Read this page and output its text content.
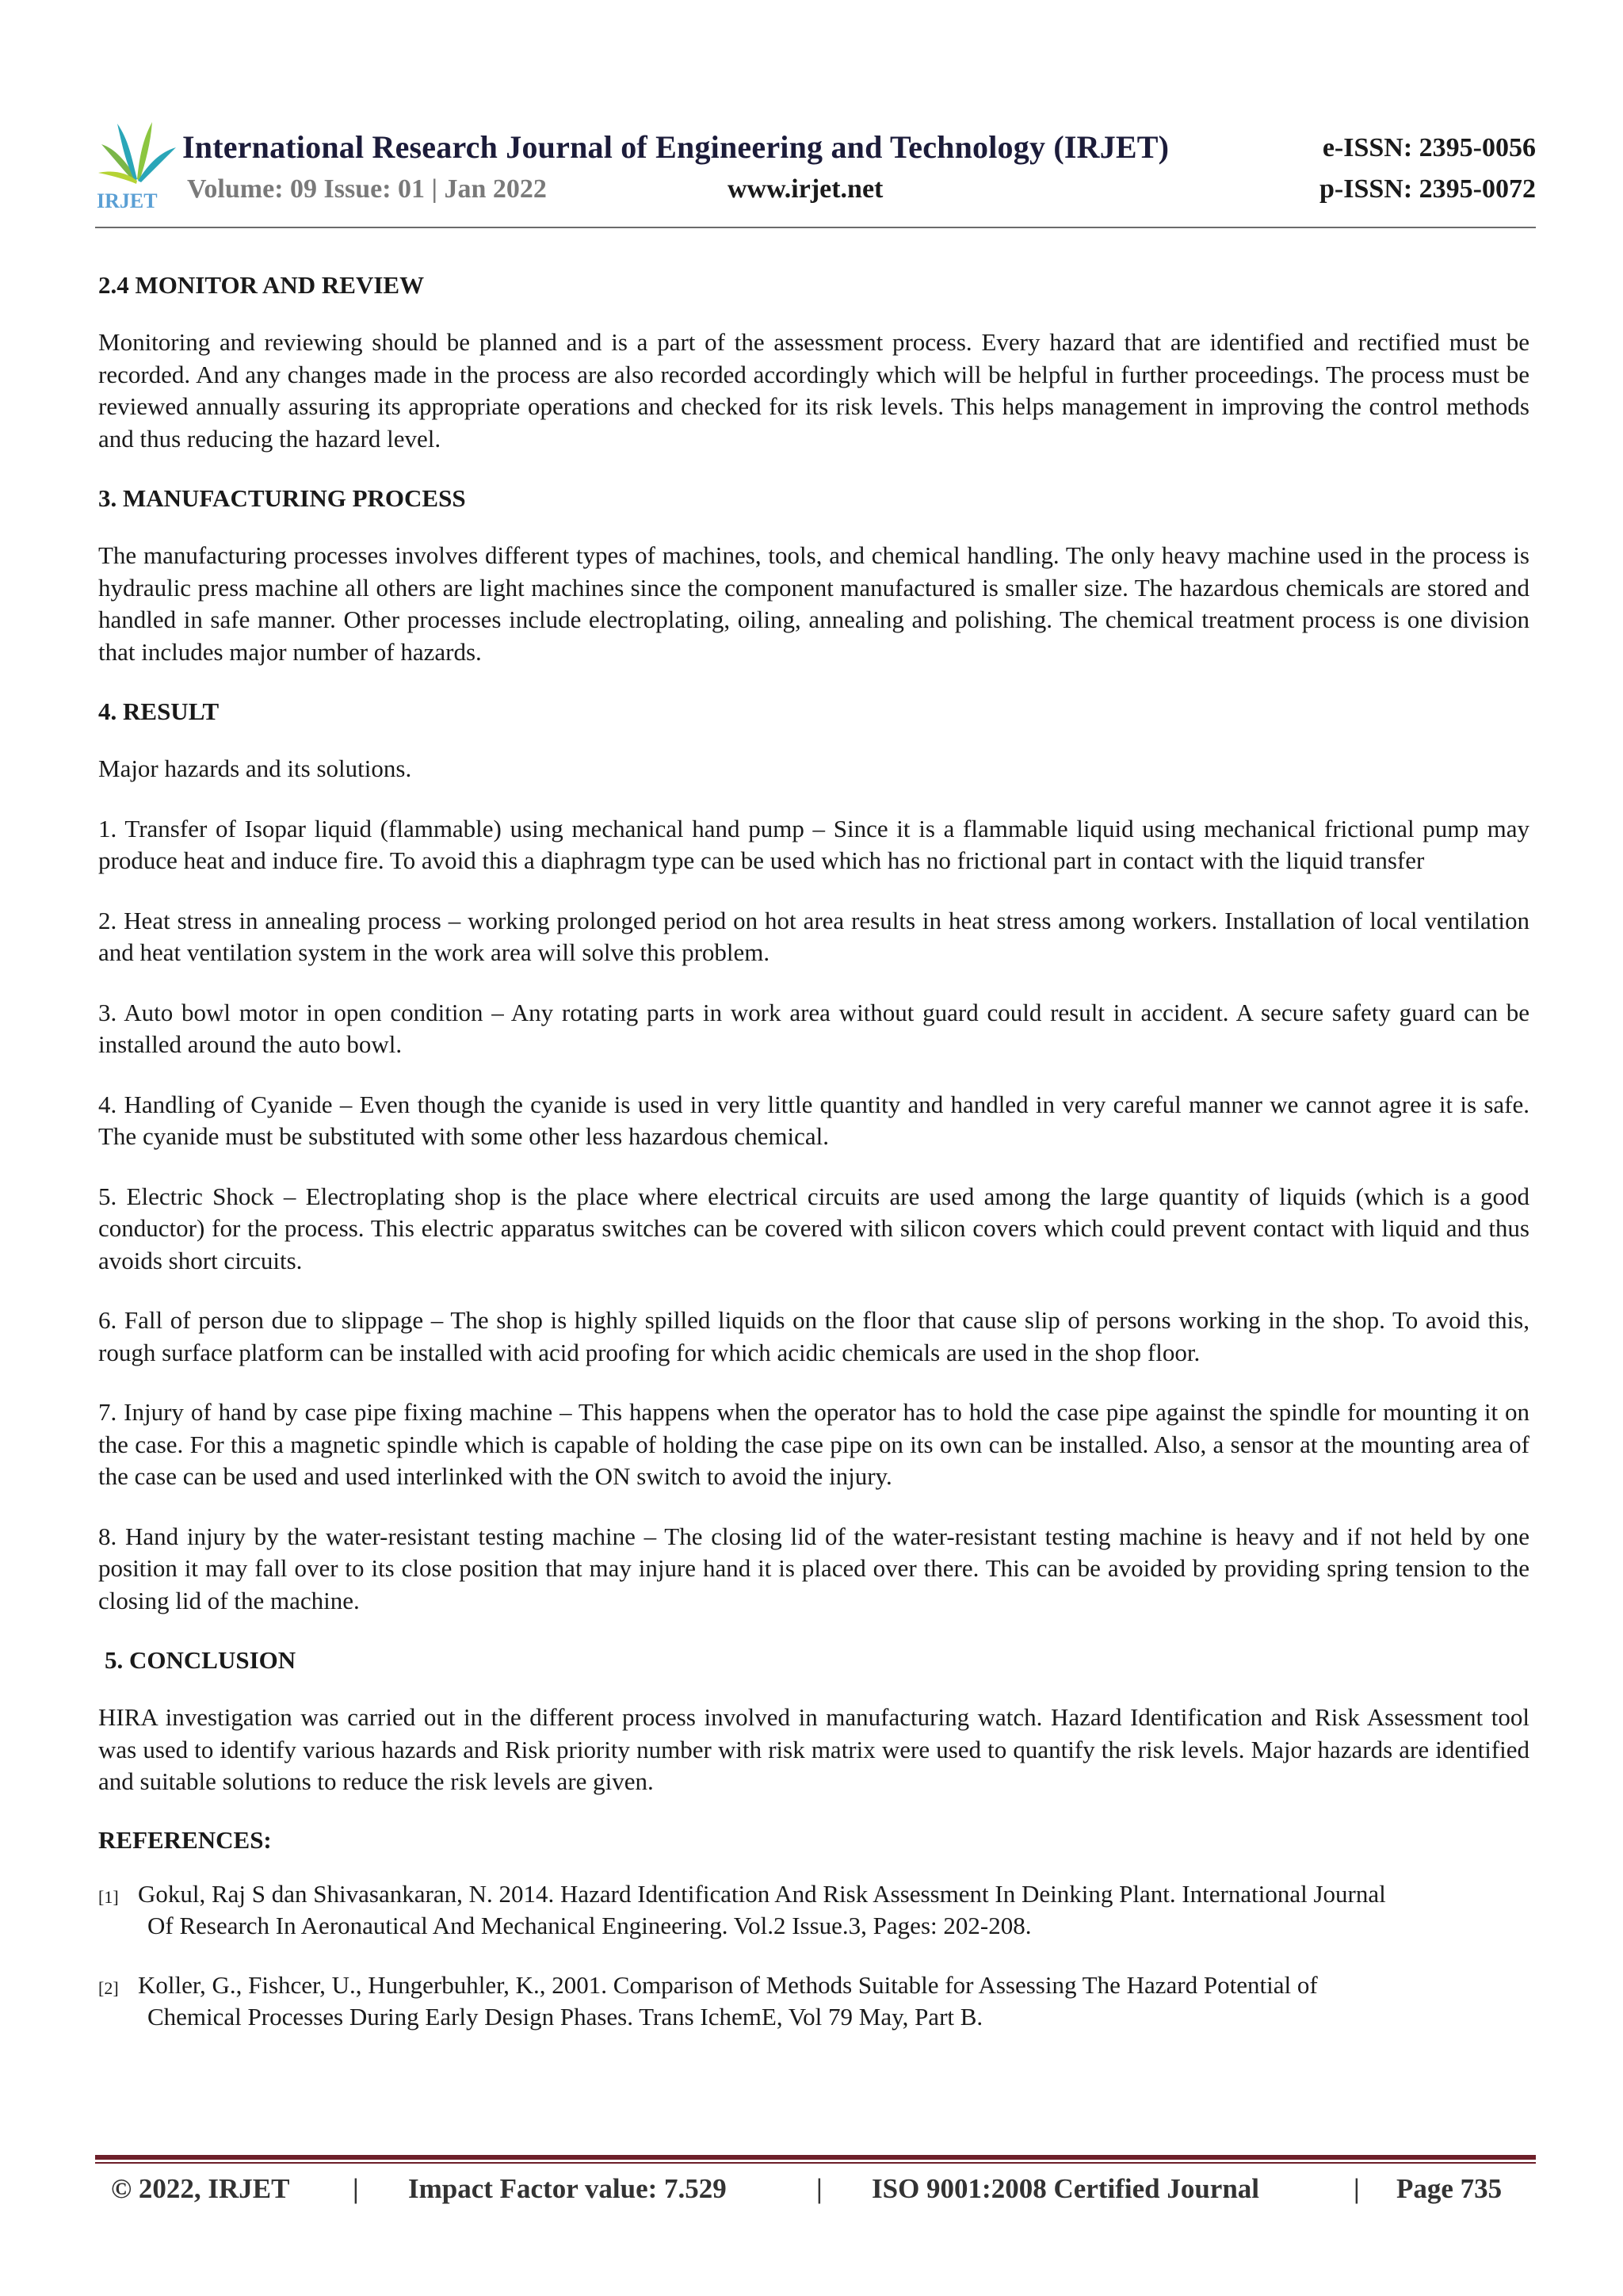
IRJET
International Research Journal of Engineering and Technology (IRJET)
Volume: 09 Issue: 01 | Jan 2022	www.irjet.net
e-ISSN: 2395-0056
p-ISSN: 2395-0072
2.4 MONITOR AND REVIEW

Monitoring and reviewing should be planned and is a part of the assessment process. Every hazard that are identified and rectified must be recorded. And any changes made in the process are also recorded accordingly which will be helpful in further proceedings. The process must be reviewed annually assuring its appropriate operations and checked for its risk levels. This helps management in improving the control methods and thus reducing the hazard level.

3. MANUFACTURING PROCESS

The manufacturing processes involves different types of machines, tools, and chemical handling. The only heavy machine used in the process is hydraulic press machine all others are light machines since the component manufactured is smaller size. The hazardous chemicals are stored and handled in safe manner. Other processes include electroplating, oiling, annealing and polishing. The chemical treatment process is one division that includes major number of hazards.

4. RESULT

Major hazards and its solutions.

1. Transfer of Isopar liquid (flammable) using mechanical hand pump – Since it is a flammable liquid using mechanical frictional pump may produce heat and induce fire. To avoid this a diaphragm type can be used which has no frictional part in contact with the liquid transfer

2. Heat stress in annealing process – working prolonged period on hot area results in heat stress among workers. Installation of local ventilation and heat ventilation system in the work area will solve this problem.

3. Auto bowl motor in open condition – Any rotating parts in work area without guard could result in accident. A secure safety guard can be installed around the auto bowl.

4. Handling of Cyanide – Even though the cyanide is used in very little quantity and handled in very careful manner we cannot agree it is safe. The cyanide must be substituted with some other less hazardous chemical.

5. Electric Shock – Electroplating shop is the place where electrical circuits are used among the large quantity of liquids (which is a good conductor) for the process. This electric apparatus switches can be covered with silicon covers which could prevent contact with liquid and thus avoids short circuits.

6. Fall of person due to slippage – The shop is highly spilled liquids on the floor that cause slip of persons working in the shop. To avoid this, rough surface platform can be installed with acid proofing for which acidic chemicals are used in the shop floor.

7. Injury of hand by case pipe fixing machine – This happens when the operator has to hold the case pipe against the spindle for mounting it on the case. For this a magnetic spindle which is capable of holding the case pipe on its own can be installed. Also, a sensor at the mounting area of the case can be used and used interlinked with the ON switch to avoid the injury.

8. Hand injury by the water-resistant testing machine – The closing lid of the water-resistant testing machine is heavy and if not held by one position it may fall over to its close position that may injure hand it is placed over there. This can be avoided by providing spring tension to the closing lid of the machine.

5. CONCLUSION

HIRA investigation was carried out in the different process involved in manufacturing watch. Hazard Identification and Risk Assessment tool was used to identify various hazards and Risk priority number with risk matrix were used to quantify the risk levels. Major hazards are identified and suitable solutions to reduce the risk levels are given.

REFERENCES:
[1] Gokul, Raj S dan Shivasankaran, N. 2014. Hazard Identification And Risk Assessment In Deinking Plant. International Journal
Of Research In Aeronautical And Mechanical Engineering. Vol.2 Issue.3, Pages: 202-208.
[2] Koller, G., Fishcer, U., Hungerbuhler, K., 2001. Comparison of Methods Suitable for Assessing The Hazard Potential of
Chemical Processes During Early Design Phases. Trans IchemE, Vol 79 May, Part B.
© 2022, IRJET | Impact Factor value: 7.529	| ISO 9001:2008 Certified Journal	| Page 735
